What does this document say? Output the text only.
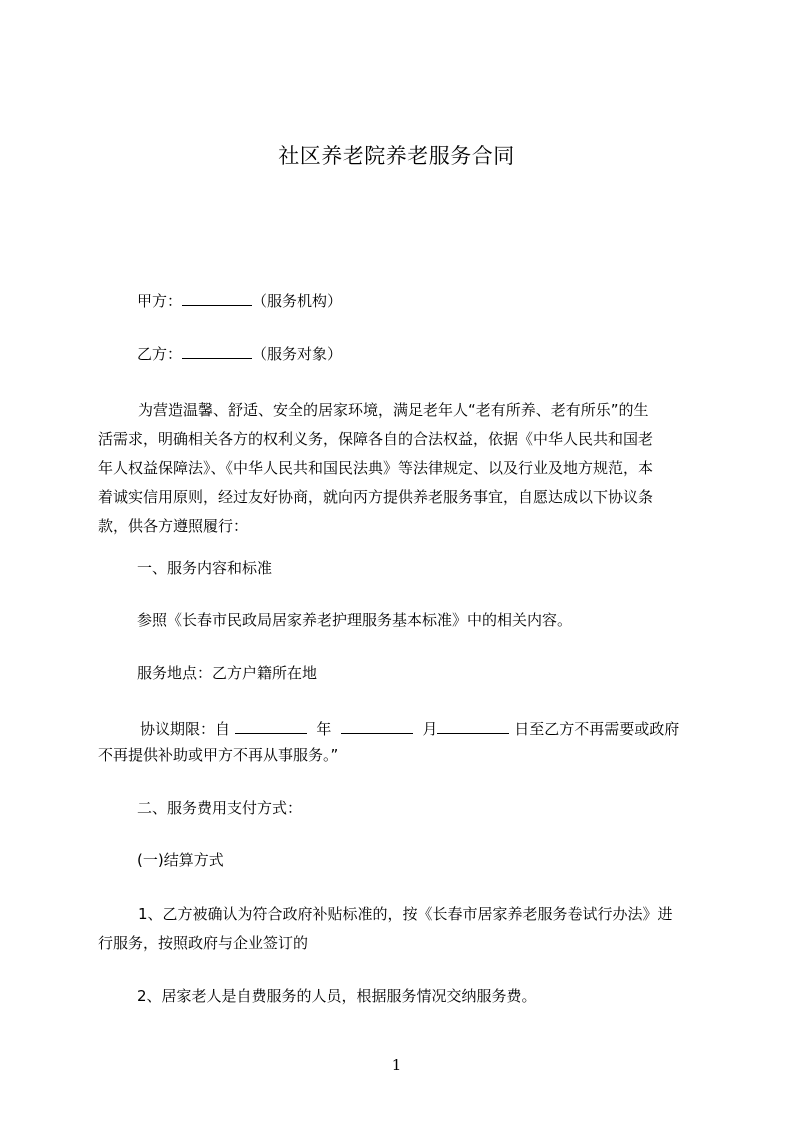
社区养老院养老服务合同
甲方：	（服务机构）
乙方：	（服务对象）

为营造温馨、舒适、安全的居家环境，满足老年人“老有所养、老有所乐”的生

活需求，明确相关各方的权利义务，保障各自的合法权益，依据《中华人民共和国老

年人权益保障法》、《中华人民共和国民法典》等法律规定、以及行业及地方规范，本

着诚实信用原则，经过友好协商，就向丙方提供养老服务事宜，自愿达成以下协议条

款，供各方遵照履行：

一、服务内容和标准
参照《长春市民政局居家养老护理服务基本标准》中的相关内容。
服务地点：乙方户籍所在地
协议期限：自	年	月	日至乙方不再需要或政府
不再提供补助或甲方不再从事服务。”
二、服务费用支付方式：
(一)结算方式

1、乙方被确认为符合政府补贴标准的，按《长春市居家养老服务卷试行办法》进

行服务，按照政府与企业签订的

2、居家老人是自费服务的人员，根据服务情况交纳服务费。
1
